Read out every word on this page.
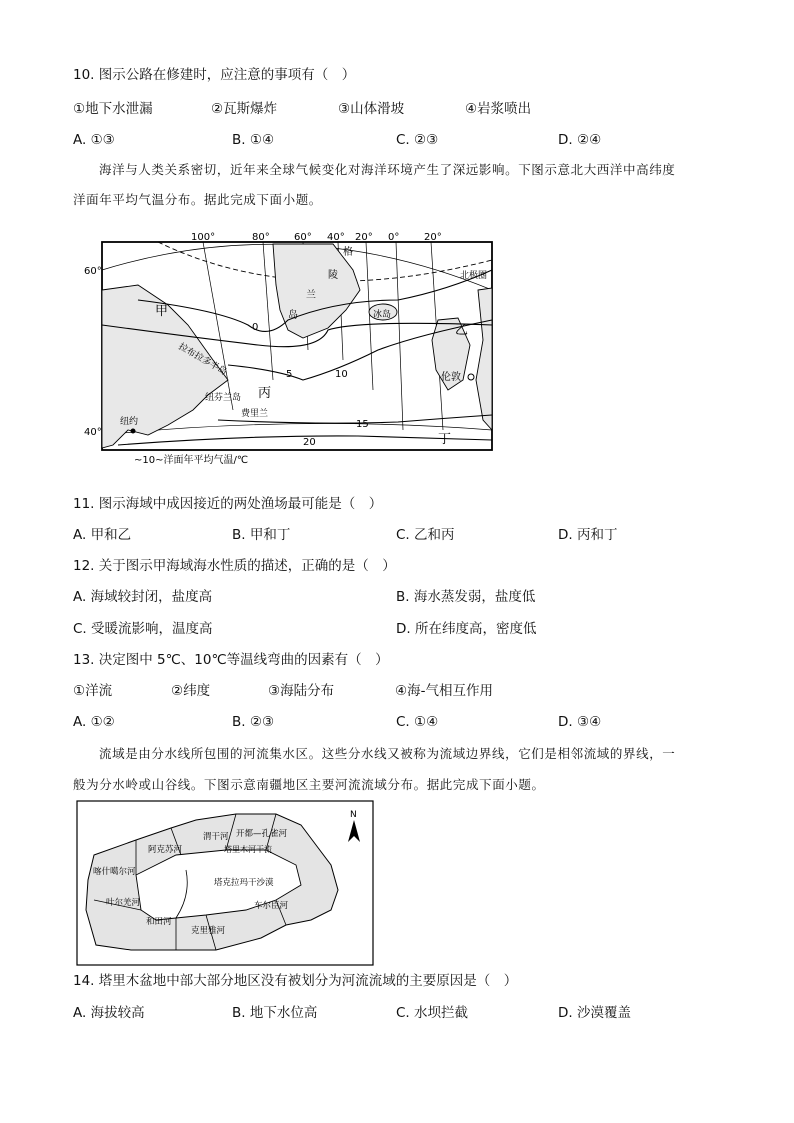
10. 图示公路在修建时，应注意的事项有（　）
①地下水泄漏	②瓦斯爆炸	③山体滑坡	④岩浆喷出
A. ①③	B. ①④	C. ②③	D. ②④
海洋与人类关系密切，近年来全球气候变化对海洋环境产生了深远影响。下图示意北大西洋中高纬度
洋面年平均气温分布。据此完成下面小题。
100°	80° 60° 40° 20° 0° 20°
60°
40°
0
5	10
15
20
格
陵
兰
岛
北极圈
冰岛
拉布拉多半岛
纽芬兰岛
费里兰
纽约
伦敦
甲
乙
丙
丁
~10~洋面年平均气温/℃
11. 图示海域中成因接近的两处渔场最可能是（　）
A. 甲和乙	B. 甲和丁	C. 乙和丙	D. 丙和丁
12. 关于图示甲海域海水性质的描述，正确的是（　）
A. 海域较封闭，盐度高	B. 海水蒸发弱，盐度低
C. 受暖流影响，温度高	D. 所在纬度高，密度低
13. 决定图中 5℃、10℃等温线弯曲的因素有（　）
①洋流	②纬度	③海陆分布	④海-气相互作用
A. ①②	B. ②③	C. ①④	D. ③④
流域是由分水线所包围的河流集水区。这些分水线又被称为流域边界线，它们是相邻流域的界线，一
般为分水岭或山谷线。下图示意南疆地区主要河流流域分布。据此完成下面小题。
N
渭干河 开都—孔雀河
阿克苏河	塔里木河干流
喀什噶尔河
塔克拉玛干沙漠
叶尔羌河	车尔臣河
和田河
克里雅河
14. 塔里木盆地中部大部分地区没有被划分为河流流域的主要原因是（　）
A. 海拔较高	B. 地下水位高	C. 水坝拦截	D. 沙漠覆盖
